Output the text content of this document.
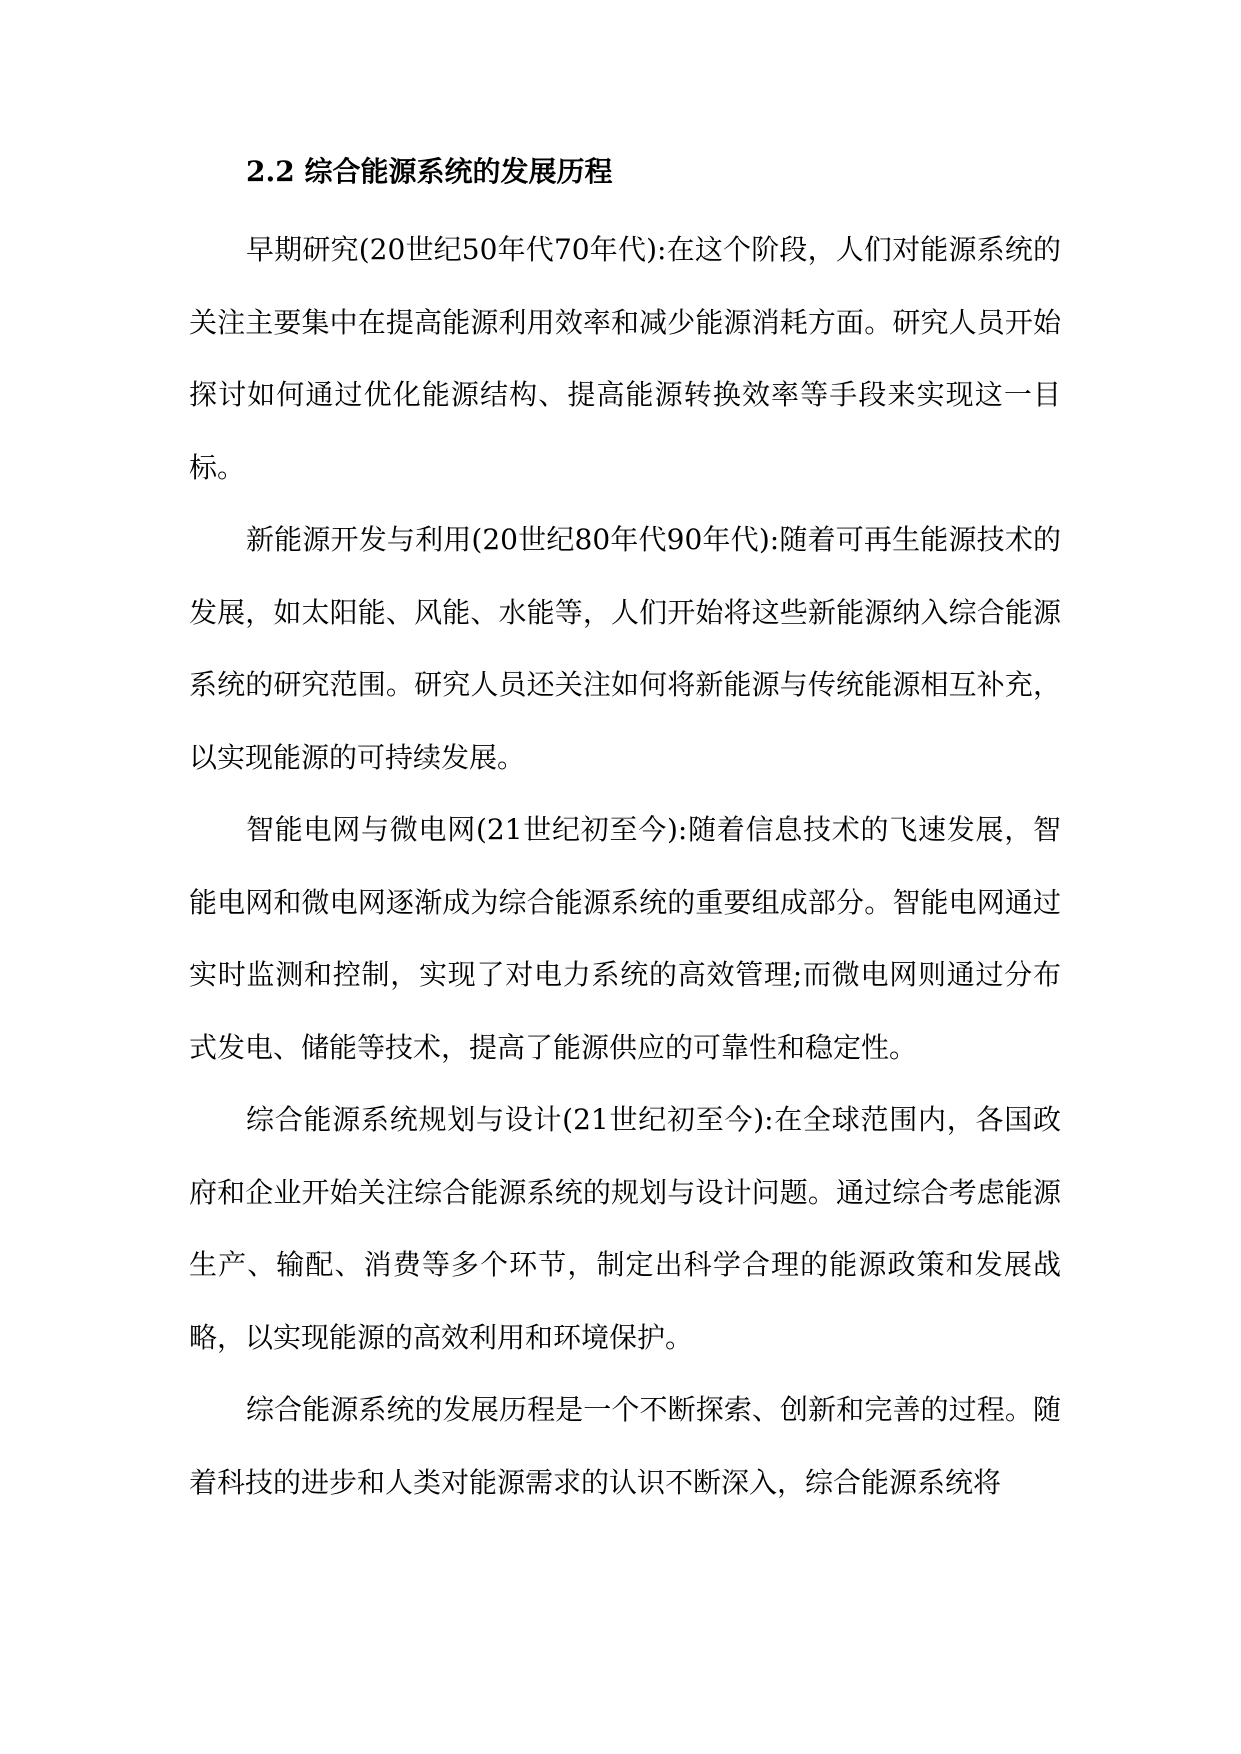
2.2 综合能源系统的发展历程

早期研究(20世纪50年代70年代):在这个阶段，人们对能源系统的关注主要集中在提高能源利用效率和减少能源消耗方面。研究人员开始探讨如何通过优化能源结构、提高能源转换效率等手段来实现这一目标。

新能源开发与利用(20世纪80年代90年代):随着可再生能源技术的发展，如太阳能、风能、水能等，人们开始将这些新能源纳入综合能源系统的研究范围。研究人员还关注如何将新能源与传统能源相互补充，以实现能源的可持续发展。

智能电网与微电网(21世纪初至今):随着信息技术的飞速发展，智能电网和微电网逐渐成为综合能源系统的重要组成部分。智能电网通过实时监测和控制，实现了对电力系统的高效管理;而微电网则通过分布式发电、储能等技术，提高了能源供应的可靠性和稳定性。

综合能源系统规划与设计(21世纪初至今):在全球范围内，各国政府和企业开始关注综合能源系统的规划与设计问题。通过综合考虑能源生产、输配、消费等多个环节，制定出科学合理的能源政策和发展战略，以实现能源的高效利用和环境保护。

综合能源系统的发展历程是一个不断探索、创新和完善的过程。随着科技的进步和人类对能源需求的认识不断深入，综合能源系统将
